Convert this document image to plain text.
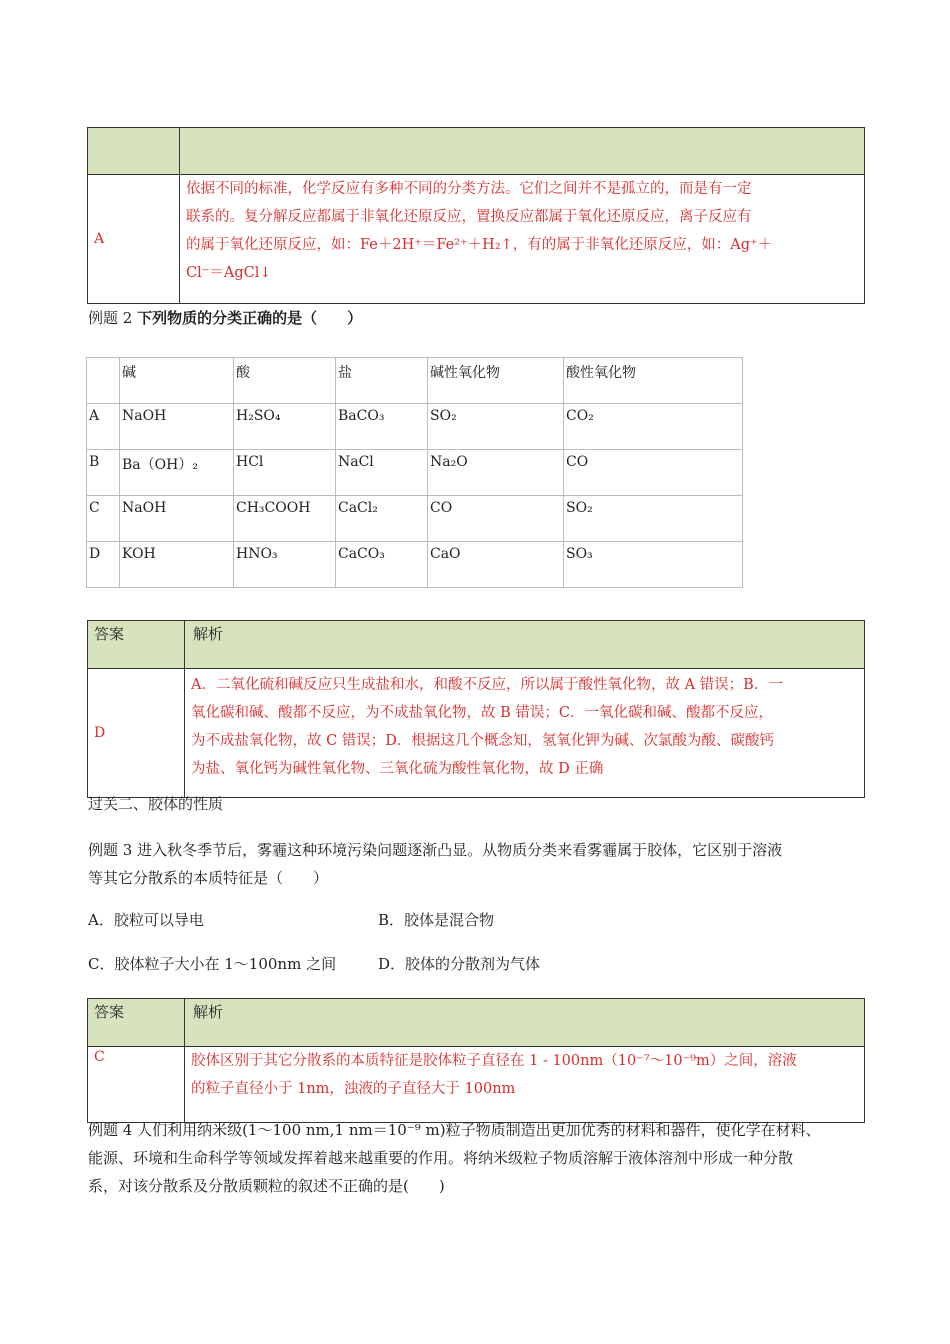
A	依据不同的标准，化学反应有多种不同的分类方法。它们之间并不是孤立的，而是有一定
联系的。复分解反应都属于非氧化还原反应，置换反应都属于氧化还原反应，离子反应有
的属于氧化还原反应，如：Fe＋2H⁺＝Fe²⁺＋H₂↑，有的属于非氧化还原反应，如：Ag⁺＋
Cl⁻＝AgCl↓
例题 2 下列物质的分类正确的是（　　）
	碱	酸	盐	碱性氧化物	酸性氧化物
A	NaOH	H₂SO₄	BaCO₃	SO₂	CO₂
B	Ba（OH）₂	HCl	NaCl	Na₂O	CO
C	NaOH	CH₃COOH	CaCl₂	CO	SO₂
D	KOH	HNO₃	CaCO₃	CaO	SO₃
答案	解析
D	A．二氧化硫和碱反应只生成盐和水，和酸不反应，所以属于酸性氧化物，故 A 错误；B．一
氧化碳和碱、酸都不反应，为不成盐氧化物，故 B 错误；C．一氧化碳和碱、酸都不反应，
为不成盐氧化物，故 C 错误；D．根据这几个概念知，氢氧化钾为碱、次氯酸为酸、碳酸钙
为盐、氧化钙为碱性氧化物、三氧化硫为酸性氧化物，故 D 正确
过关二、胶体的性质
例题 3 进入秋冬季节后，雾霾这种环境污染问题逐渐凸显。从物质分类来看雾霾属于胶体，它区别于溶液
等其它分散系的本质特征是（　　）
A．胶粒可以导电	B．胶体是混合物
C．胶体粒子大小在 1～100nm 之间	D．胶体的分散剂为气体
答案	解析
C	胶体区别于其它分散系的本质特征是胶体粒子直径在 1 - 100nm（10⁻⁷～10⁻⁹m）之间，溶液
的粒子直径小于 1nm，浊液的子直径大于 100nm
例题 4 人们利用纳米级(1～100 nm,1 nm＝10⁻⁹ m)粒子物质制造出更加优秀的材料和器件，使化学在材料、
能源、环境和生命科学等领域发挥着越来越重要的作用。将纳米级粒子物质溶解于液体溶剂中形成一种分散
系，对该分散系及分散质颗粒的叙述不正确的是(　　)
